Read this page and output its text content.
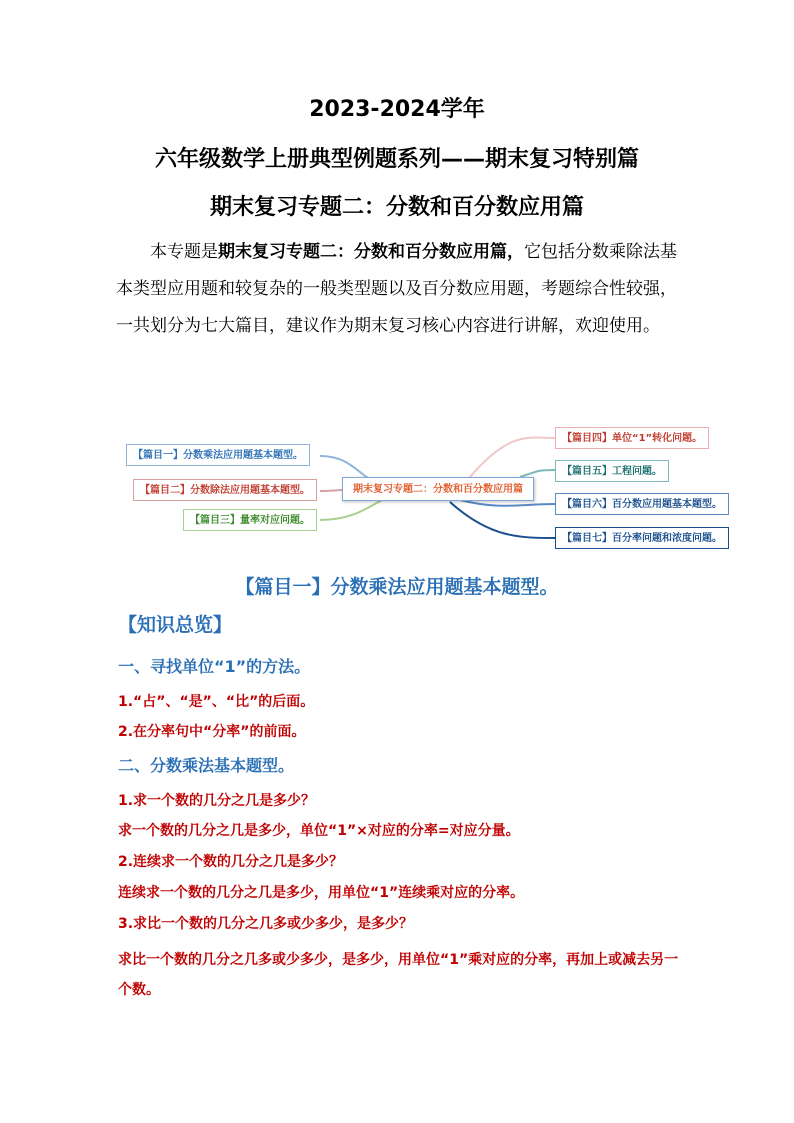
2023-2024学年
六年级数学上册典型例题系列——期末复习特别篇
期末复习专题二：分数和百分数应用篇

本专题是期末复习专题二：分数和百分数应用篇，它包括分数乘除法基本类型应用题和较复杂的一般类型题以及百分数应用题，考题综合性较强，一共划分为七大篇目，建议作为期末复习核心内容进行讲解，欢迎使用。

【篇目一】分数乘法应用题基本题型。
【篇目二】分数除法应用题基本题型。
【篇目三】量率对应问题。
期末复习专题二：分数和百分数应用篇
【篇目四】单位“1”转化问题。
【篇目五】工程问题。
【篇目六】百分数应用题基本题型。
【篇目七】百分率问题和浓度问题。
【篇目一】分数乘法应用题基本题型。
【知识总览】
一、寻找单位“1”的方法。

1.“占”、“是”、“比”的后面。

2.在分率句中“分率”的前面。

二、分数乘法基本题型。

1.求一个数的几分之几是多少？

求一个数的几分之几是多少，单位“1”×对应的分率=对应分量。

2.连续求一个数的几分之几是多少？

连续求一个数的几分之几是多少，用单位“1”连续乘对应的分率。

3.求比一个数的几分之几多或少多少，是多少？

求比一个数的几分之几多或少多少，是多少，用单位“1”乘对应的分率，再加上或减去另一个数。
